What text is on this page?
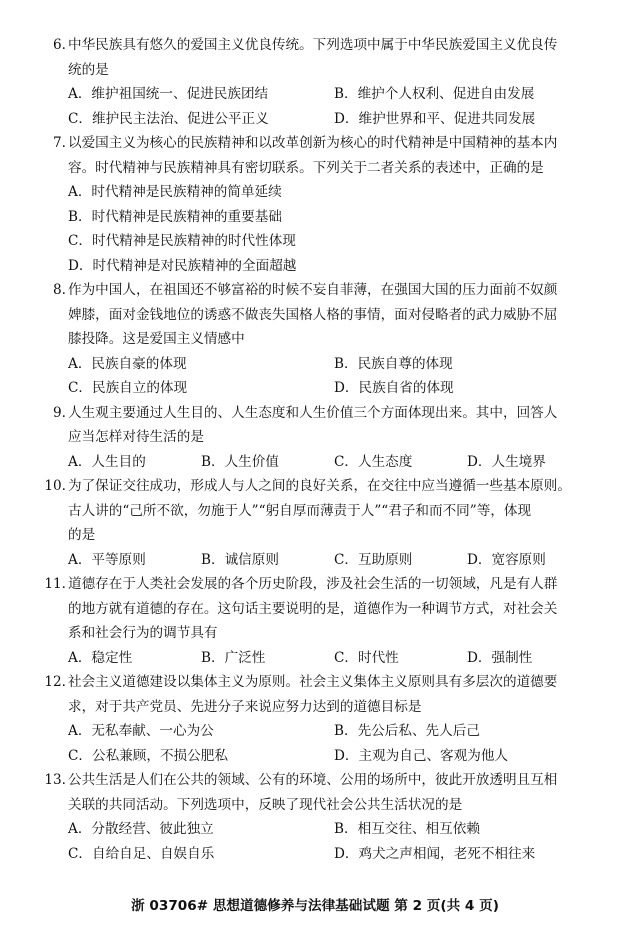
6. 中华民族具有悠久的爱国主义优良传统。下列选项中属于中华民族爱国主义优良传
统的是
A．维护祖国统一、促进民族团结	B．维护个人权利、促进自由发展
C．维护民主法治、促进公平正义	D．维护世界和平、促进共同发展
7. 以爱国主义为核心的民族精神和以改革创新为核心的时代精神是中国精神的基本内
容。时代精神与民族精神具有密切联系。下列关于二者关系的表述中，正确的是
A．时代精神是民族精神的简单延续
B．时代精神是民族精神的重要基础
C．时代精神是民族精神的时代性体现
D．时代精神是对民族精神的全面超越
8. 作为中国人，在祖国还不够富裕的时候不妄自菲薄，在强国大国的压力面前不奴颜
婢膝，面对金钱地位的诱惑不做丧失国格人格的事情，面对侵略者的武力威胁不屈
膝投降。这是爱国主义情感中
A．民族自豪的体现	B．民族自尊的体现
C．民族自立的体现	D．民族自省的体现
9. 人生观主要通过人生目的、人生态度和人生价值三个方面体现出来。其中，回答人
应当怎样对待生活的是
A．人生目的	B．人生价值	C．人生态度	D．人生境界
10. 为了保证交往成功，形成人与人之间的良好关系，在交往中应当遵循一些基本原则。
古人讲的“己所不欲，勿施于人”“躬自厚而薄责于人”“君子和而不同”等，体现
的是
A．平等原则	B．诚信原则	C．互助原则	D．宽容原则
11. 道德存在于人类社会发展的各个历史阶段，涉及社会生活的一切领域，凡是有人群
的地方就有道德的存在。这句话主要说明的是，道德作为一种调节方式，对社会关
系和社会行为的调节具有
A．稳定性	B．广泛性	C．时代性	D．强制性
12. 社会主义道德建设以集体主义为原则。社会主义集体主义原则具有多层次的道德要
求，对于共产党员、先进分子来说应努力达到的道德目标是
A．无私奉献、一心为公	B．先公后私、先人后己
C．公私兼顾，不损公肥私	D．主观为自己、客观为他人
13. 公共生活是人们在公共的领域、公有的环境、公用的场所中，彼此开放透明且互相
关联的共同活动。下列选项中，反映了现代社会公共生活状况的是
A．分散经营、彼此独立	B．相互交往、相互依赖
C．自给自足、自娱自乐	D．鸡犬之声相闻，老死不相往来
浙 03706# 思想道德修养与法律基础试题 第 2 页(共 4 页)
